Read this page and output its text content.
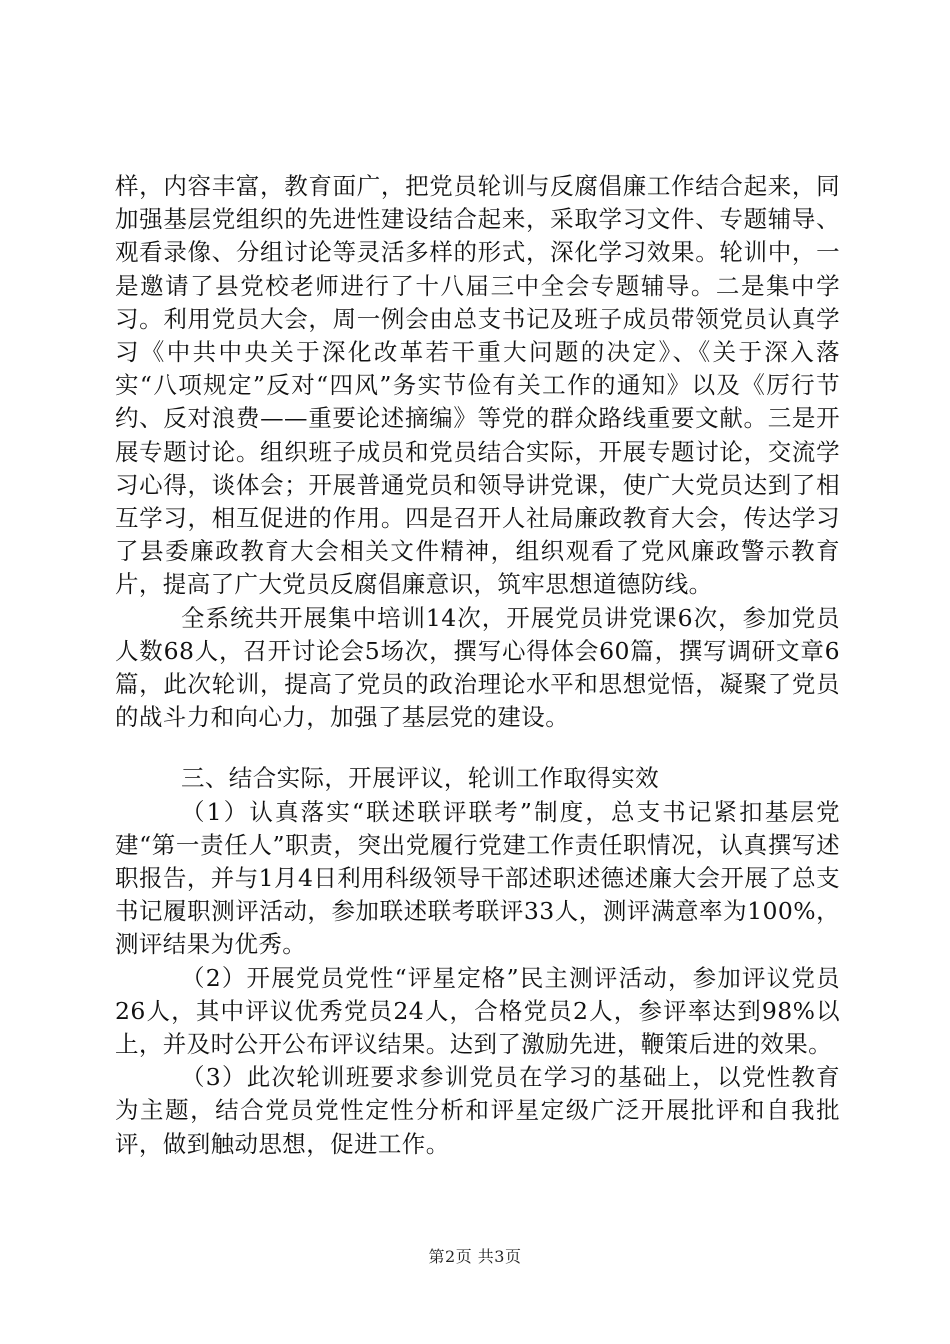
样，内容丰富，教育面广，把党员轮训与反腐倡廉工作结合起来，同加强基层党组织的先进性建设结合起来，采取学习文件、专题辅导、观看录像、分组讨论等灵活多样的形式，深化学习效果。轮训中，一是邀请了县党校老师进行了十八届三中全会专题辅导。二是集中学习。利用党员大会，周一例会由总支书记及班子成员带领党员认真学习《中共中央关于深化改革若干重大问题的决定》、《关于深入落实“八项规定”反对“四风”务实节俭有关工作的通知》以及《厉行节约、反对浪费——重要论述摘编》等党的群众路线重要文献。三是开展专题讨论。组织班子成员和党员结合实际，开展专题讨论，交流学习心得，谈体会；开展普通党员和领导讲党课，使广大党员达到了相互学习，相互促进的作用。四是召开人社局廉政教育大会，传达学习了县委廉政教育大会相关文件精神，组织观看了党风廉政警示教育片，提高了广大党员反腐倡廉意识，筑牢思想道德防线。

全系统共开展集中培训14次，开展党员讲党课6次，参加党员人数68人，召开讨论会5场次，撰写心得体会60篇，撰写调研文章6篇，此次轮训，提高了党员的政治理论水平和思想觉悟，凝聚了党员的战斗力和向心力，加强了基层党的建设。

三、结合实际，开展评议，轮训工作取得实效

（1）认真落实“联述联评联考”制度，总支书记紧扣基层党建“第一责任人”职责，突出党履行党建工作责任职情况，认真撰写述职报告，并与1月4日利用科级领导干部述职述德述廉大会开展了总支书记履职测评活动，参加联述联考联评33人，测评满意率为100%，测评结果为优秀。

（2）开展党员党性“评星定格”民主测评活动，参加评议党员26人，其中评议优秀党员24人，合格党员2人，参评率达到98%以上，并及时公开公布评议结果。达到了激励先进，鞭策后进的效果。

（3）此次轮训班要求参训党员在学习的基础上，以党性教育为主题，结合党员党性定性分析和评星定级广泛开展批评和自我批评，做到触动思想，促进工作。

第2页 共3页
